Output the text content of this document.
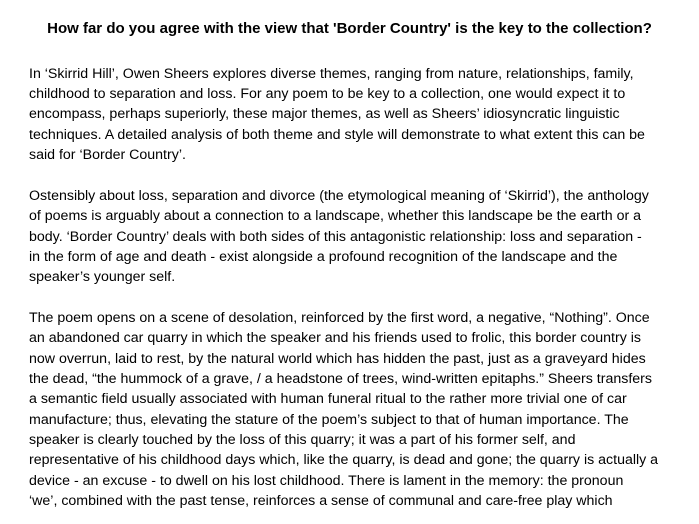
How far do you agree with the view that 'Border Country' is the key to the collection?

In ‘Skirrid Hill’, Owen Sheers explores diverse themes, ranging from nature, relationships, family,

childhood to separation and loss. For any poem to be key to a collection, one would expect it to

encompass, perhaps superiorly, these major themes, as well as Sheers’ idiosyncratic linguistic

techniques. A detailed analysis of both theme and style will demonstrate to what extent this can be

said for ‘Border Country’.

Ostensibly about loss, separation and divorce (the etymological meaning of ‘Skirrid’), the anthology

of poems is arguably about a connection to a landscape, whether this landscape be the earth or a

body. ‘Border Country’ deals with both sides of this antagonistic relationship: loss and separation -

in the form of age and death - exist alongside a profound recognition of the landscape and the

speaker’s younger self.

The poem opens on a scene of desolation, reinforced by the first word, a negative, “Nothing”. Once

an abandoned car quarry in which the speaker and his friends used to frolic, this border country is

now overrun, laid to rest, by the natural world which has hidden the past, just as a graveyard hides

the dead, “the hummock of a grave, / a headstone of trees, wind-written epitaphs.” Sheers transfers

a semantic field usually associated with human funeral ritual to the rather more trivial one of car

manufacture; thus, elevating the stature of the poem’s subject to that of human importance. The

speaker is clearly touched by the loss of this quarry; it was a part of his former self, and

representative of his childhood days which, like the quarry, is dead and gone; the quarry is actually a

device - an excuse - to dwell on his lost childhood. There is lament in the memory: the pronoun

‘we’, combined with the past tense, reinforces a sense of communal and care-free play which
